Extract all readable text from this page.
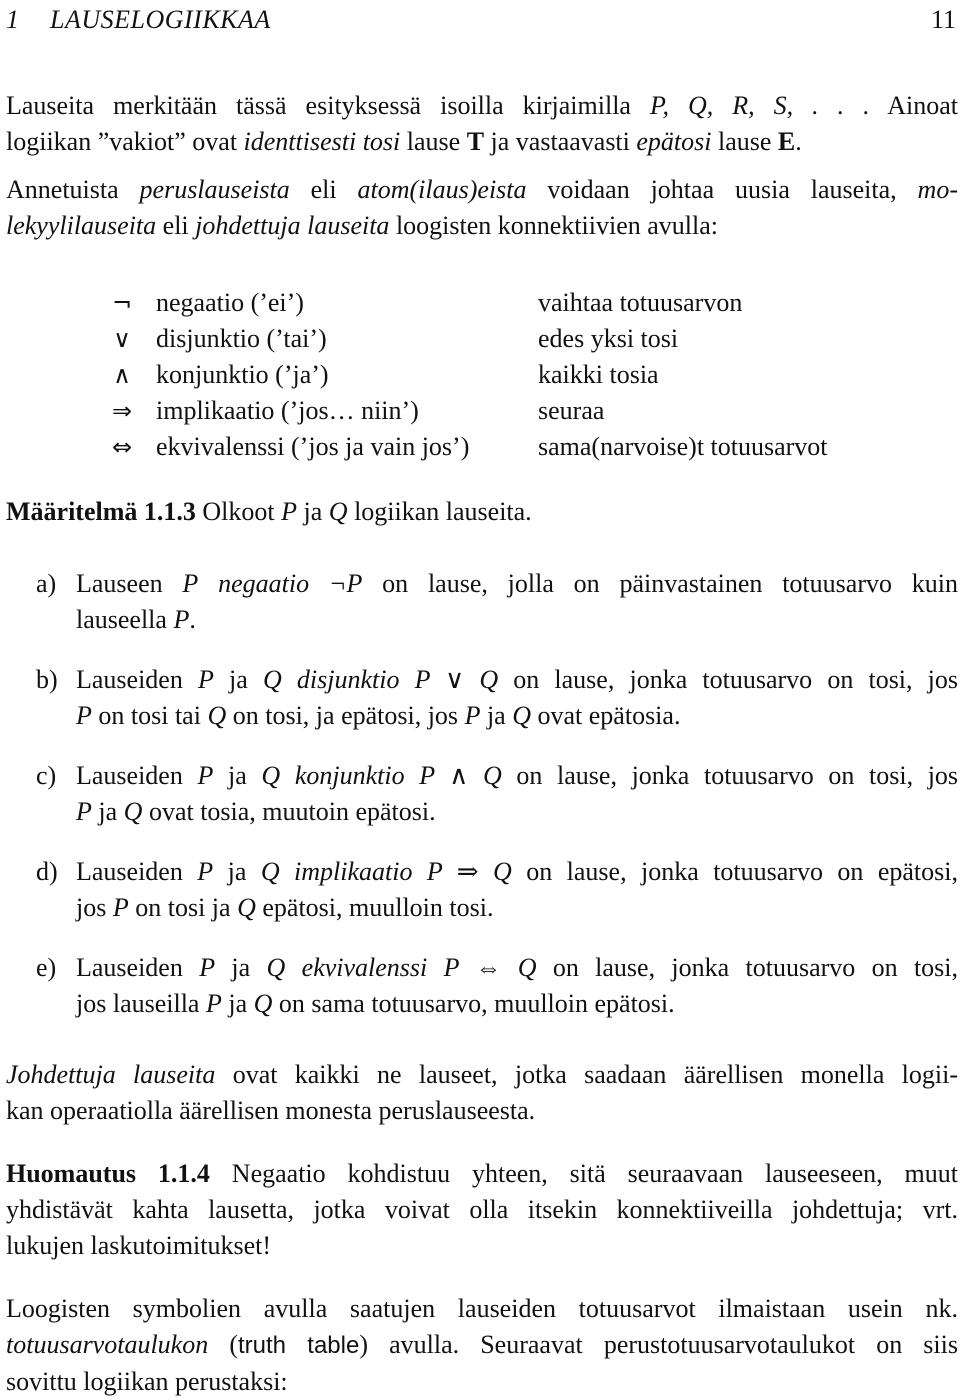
1 LAUSELOGIIKKAA	11
Lauseita merkitään tässä esityksessä isoilla kirjaimilla P, Q, R, S, . . . Ainoat
logiikan ”vakiot” ovat identtisesti tosi lause T ja vastaavasti epätosi lause E.
Annetuista peruslauseista eli atom(ilaus)eista voidaan johtaa uusia lauseita, mo-
lekyylilauseita eli johdettuja lauseita loogisten konnektiivien avulla:
¬ negaatio (’ei’)	vaihtaa totuusarvon
∨ disjunktio (’tai’)	edes yksi tosi
∧ konjunktio (’ja’)	kaikki tosia
⇒ implikaatio (’jos… niin’)	seuraa
⇔ ekvivalenssi (’jos ja vain jos’)	sama(narvoise)t totuusarvot
Määritelmä 1.1.3 Olkoot P ja Q logiikan lauseita.
a) Lauseen P negaatio ¬P on lause, jolla on päinvastainen totuusarvo kuin
lauseella P.
b) Lauseiden P ja Q disjunktio P ∨ Q on lause, jonka totuusarvo on tosi, jos
P on tosi tai Q on tosi, ja epätosi, jos P ja Q ovat epätosia.
c) Lauseiden P ja Q konjunktio P ∧ Q on lause, jonka totuusarvo on tosi, jos
P ja Q ovat tosia, muutoin epätosi.
d) Lauseiden P ja Q implikaatio P ⇒ Q on lause, jonka totuusarvo on epätosi,
jos P on tosi ja Q epätosi, muulloin tosi.
e) Lauseiden P ja Q ekvivalenssi P ⇔ Q on lause, jonka totuusarvo on tosi,
jos lauseilla P ja Q on sama totuusarvo, muulloin epätosi.
Johdettuja lauseita ovat kaikki ne lauseet, jotka saadaan äärellisen monella logii-
kan operaatiolla äärellisen monesta peruslauseesta.
Huomautus 1.1.4 Negaatio kohdistuu yhteen, sitä seuraavaan lauseeseen, muut
yhdistävät kahta lausetta, jotka voivat olla itsekin konnektiiveilla johdettuja; vrt.
lukujen laskutoimitukset!
Loogisten symbolien avulla saatujen lauseiden totuusarvot ilmaistaan usein nk.
totuusarvotaulukon (truth table) avulla. Seuraavat perustotuusarvotaulukot on siis
sovittu logiikan perustaksi:
